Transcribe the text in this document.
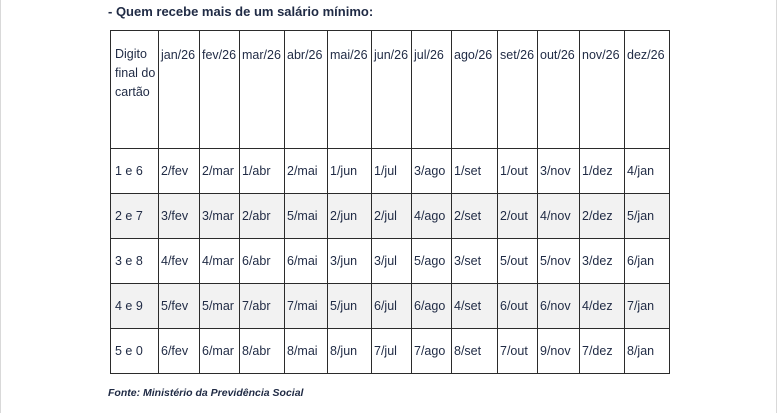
- Quem recebe mais de um salário mínimo:
Digito final do cartão	jan/26	fev/26	mar/26	abr/26	mai/26	jun/26	jul/26	ago/26	set/26	out/26	nov/26	dez/26
1 e 6	2/fev	2/mar	1/abr	2/mai	1/jun	1/jul	3/ago	1/set	1/out	3/nov	1/dez	4/jan
2 e 7	3/fev	3/mar	2/abr	5/mai	2/jun	2/jul	4/ago	2/set	2/out	4/nov	2/dez	5/jan
3 e 8	4/fev	4/mar	6/abr	6/mai	3/jun	3/jul	5/ago	3/set	5/out	5/nov	3/dez	6/jan
4 e 9	5/fev	5/mar	7/abr	7/mai	5/jun	6/jul	6/ago	4/set	6/out	6/nov	4/dez	7/jan
5 e 0	6/fev	6/mar	8/abr	8/mai	8/jun	7/jul	7/ago	8/set	7/out	9/nov	7/dez	8/jan
Fonte: Ministério da Previdência Social
